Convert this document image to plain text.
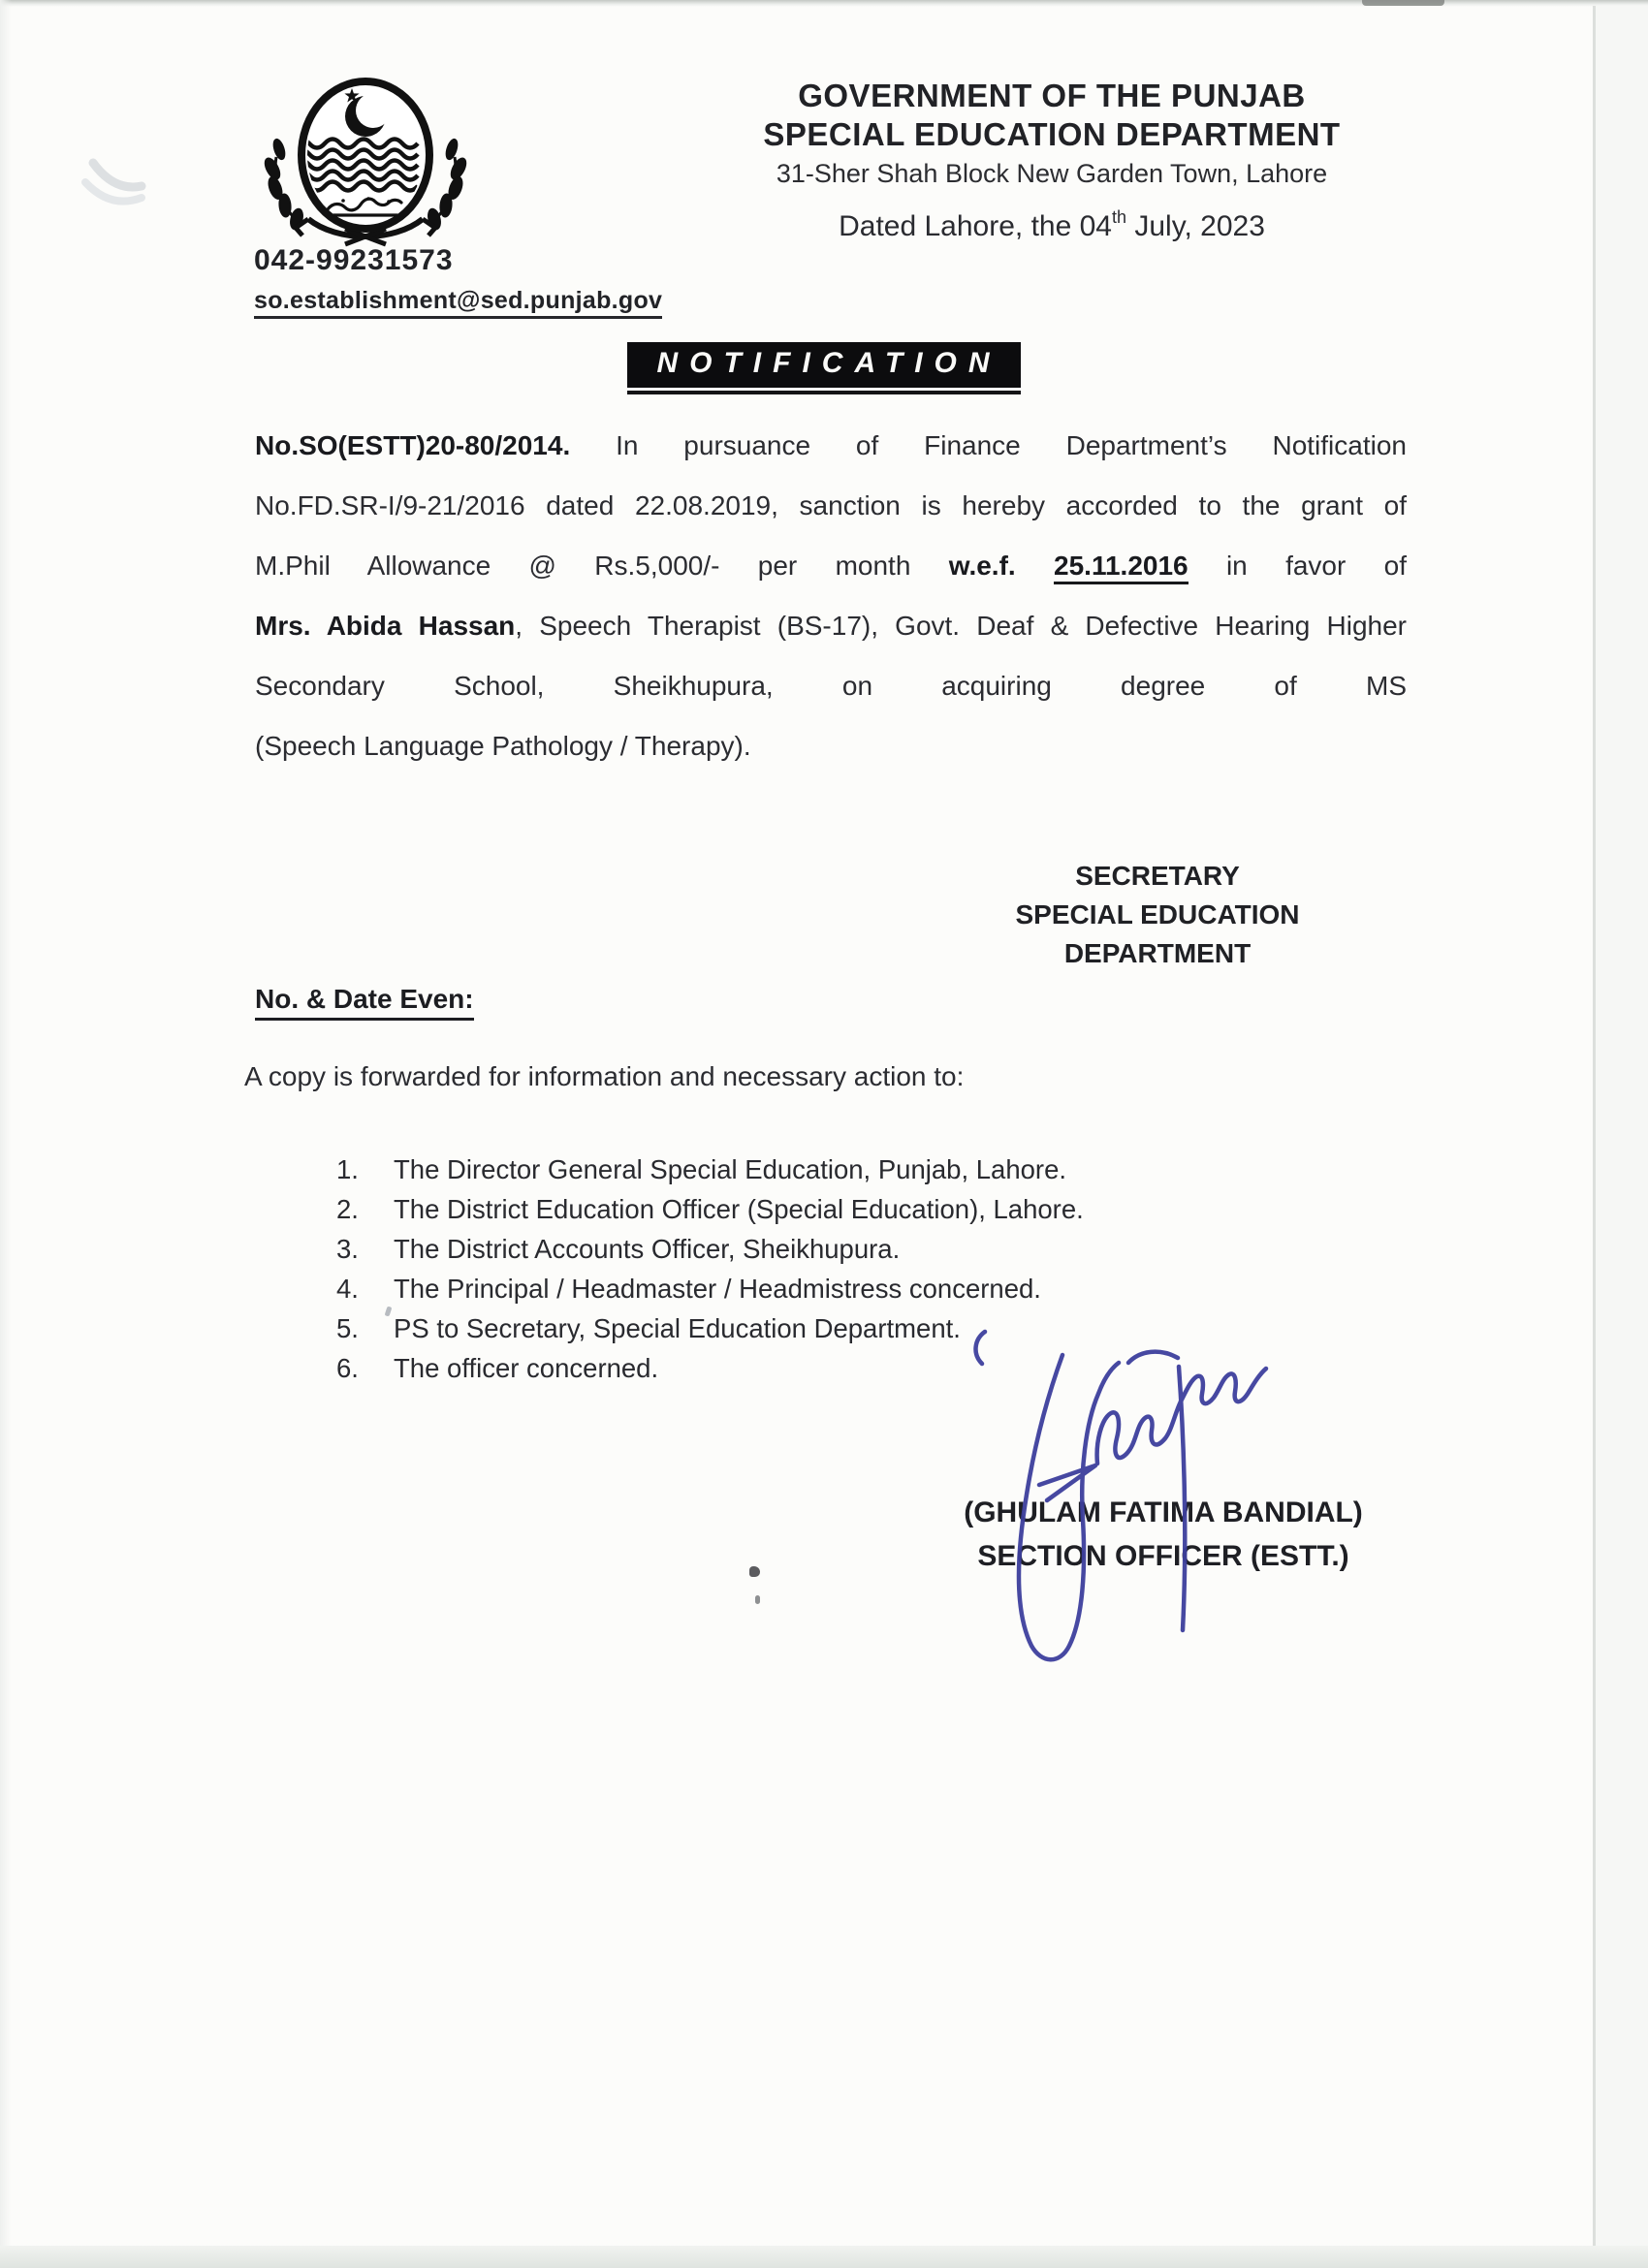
042-99231573
so.establishment@sed.punjab.gov
GOVERNMENT OF THE PUNJAB
SPECIAL EDUCATION DEPARTMENT
31-Sher Shah Block New Garden Town, Lahore
Dated Lahore, the 04th July, 2023
NOTIFICATION
No.SO(ESTT)20-80/2014. In pursuance of Finance Department’s Notification
No.FD.SR-I/9-21/2016 dated 22.08.2019, sanction is hereby accorded to the grant of
M.Phil Allowance @ Rs.5,000/- per month w.e.f. 25.11.2016 in favor of
Mrs. Abida Hassan, Speech Therapist (BS-17), Govt. Deaf & Defective Hearing Higher
Secondary School, Sheikhupura, on acquiring degree of MS
(Speech Language Pathology / Therapy).
SECRETARY
SPECIAL EDUCATION
DEPARTMENT
No. & Date Even:
A copy is forwarded for information and necessary action to:
1.	The Director General Special Education, Punjab, Lahore.
2.	The District Education Officer (Special Education), Lahore.
3.	The District Accounts Officer, Sheikhupura.
4.	The Principal / Headmaster / Headmistress concerned.
5.	PS to Secretary, Special Education Department.
6.	The officer concerned.
(GHULAM FATIMA BANDIAL)
SECTION OFFICER (ESTT.)
